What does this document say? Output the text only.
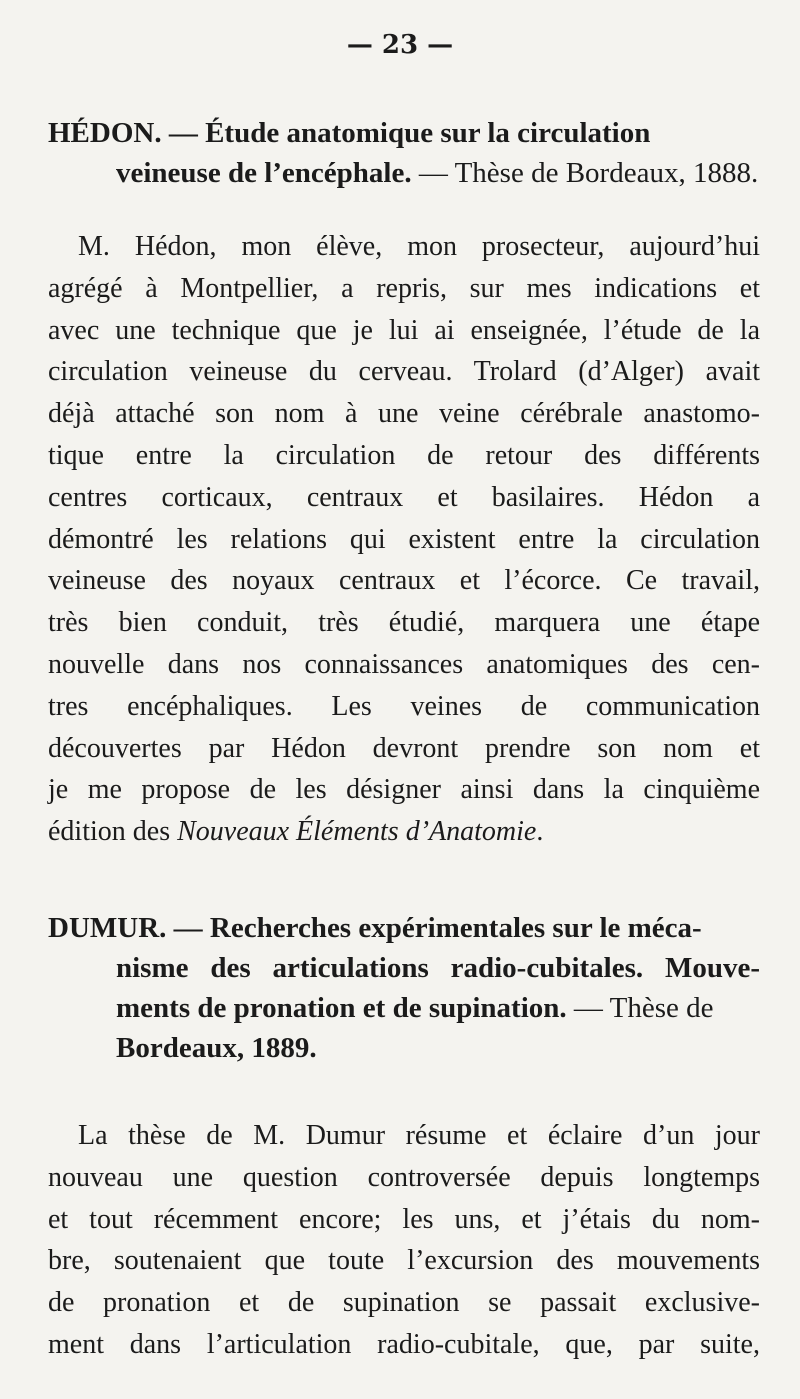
— 23 —

HÉDON. — Étude anatomique sur la circulation
veineuse de l’encéphale. — Thèse de Bordeaux, 1888.

M. Hédon, mon élève, mon prosecteur, aujourd’hui
agrégé à Montpellier, a repris, sur mes indications et
avec une technique que je lui ai enseignée, l’étude de la
circulation veineuse du cerveau. Trolard (d’Alger) avait
déjà attaché son nom à une veine cérébrale anastomo-
tique entre la circulation de retour des différents
centres corticaux, centraux et basilaires. Hédon a
démontré les relations qui existent entre la circulation
veineuse des noyaux centraux et l’écorce. Ce travail,
très bien conduit, très étudié, marquera une étape
nouvelle dans nos connaissances anatomiques des cen-
tres encéphaliques. Les veines de communication
découvertes par Hédon devront prendre son nom et
je me propose de les désigner ainsi dans la cinquième
édition des Nouveaux Éléments d’Anatomie.

DUMUR. — Recherches expérimentales sur le méca-
nisme des articulations radio-cubitales. Mouve-
ments de pronation et de supination. — Thèse de
Bordeaux, 1889.

La thèse de M. Dumur résume et éclaire d’un jour
nouveau une question controversée depuis longtemps
et tout récemment encore; les uns, et j’étais du nom-
bre, soutenaient que toute l’excursion des mouvements
de pronation et de supination se passait exclusive-
ment dans l’articulation radio-cubitale, que, par suite,
